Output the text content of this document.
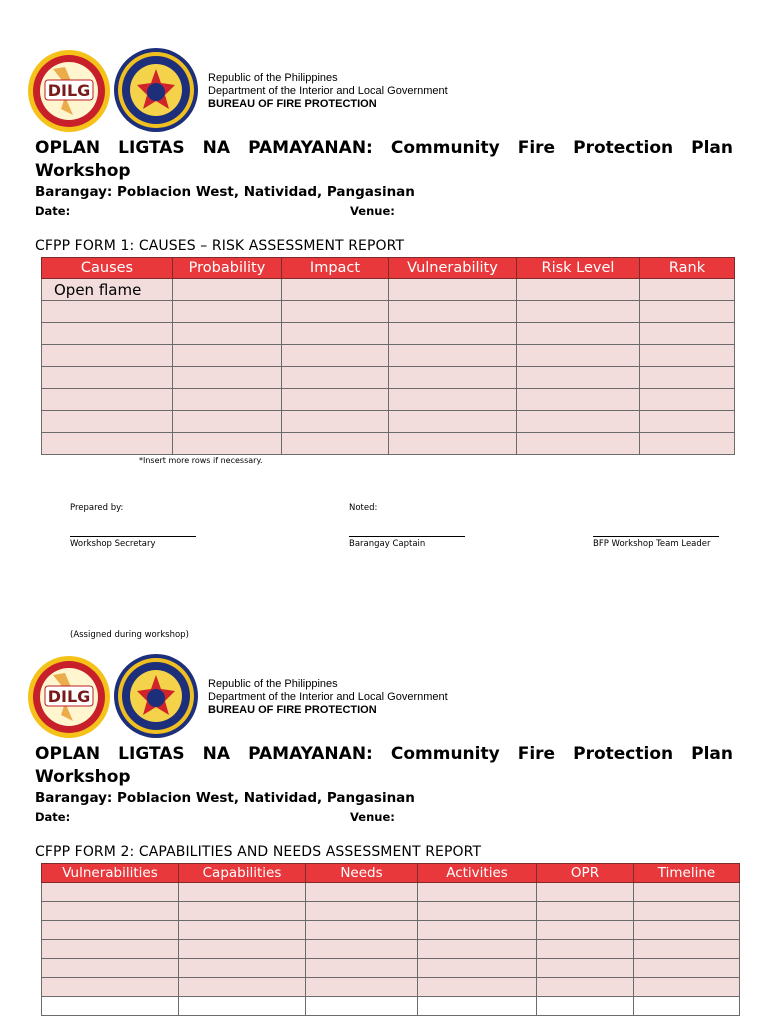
DILG
Republic of the Philippines
Department of the Interior and Local Government
BUREAU OF FIRE PROTECTION
OPLAN LIGTAS NA PAMAYANAN: Community Fire Protection Plan
Workshop
Barangay: Poblacion West, Natividad, Pangasinan
Date:	Venue:
CFPP FORM 1: CAUSES – RISK ASSESSMENT REPORT
Causes	Probability	Impact	Vulnerability	Risk Level	Rank
Open flame					

*Insert more rows if necessary.
Prepared by:	Noted:
Workshop Secretary	Barangay Captain	BFP Workshop Team Leader
(Assigned during workshop)
DILG
Republic of the Philippines
Department of the Interior and Local Government
BUREAU OF FIRE PROTECTION
OPLAN LIGTAS NA PAMAYANAN: Community Fire Protection Plan
Workshop
Barangay: Poblacion West, Natividad, Pangasinan
Date:	Venue:
CFPP FORM 2: CAPABILITIES AND NEEDS ASSESSMENT REPORT
Vulnerabilities	Capabilities	Needs	Activities	OPR	Timeline
